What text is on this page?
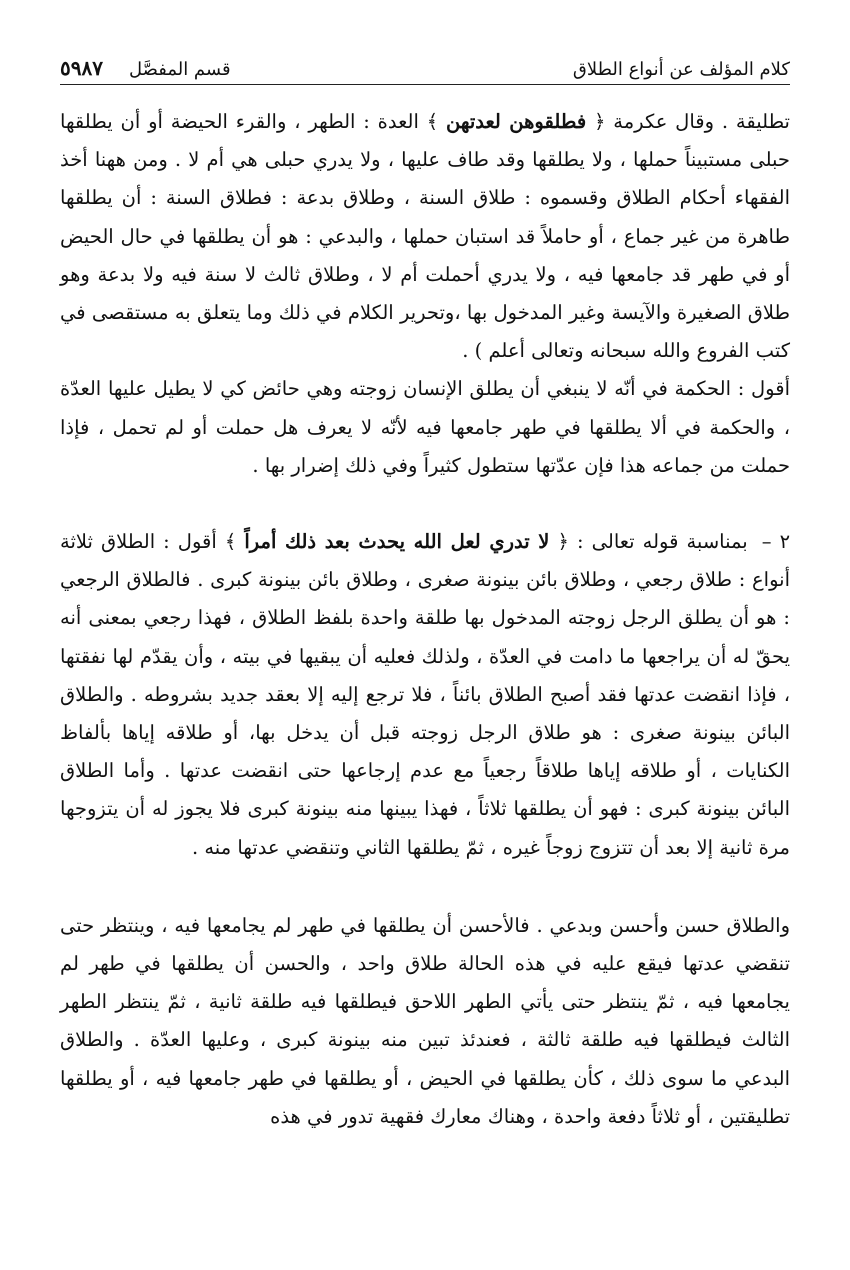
كلام المؤلف عن أنواع الطلاق
قسم المفصَّل
٥٩٨٧

تطليقة . وقال عكرمة ﴿ فطلقوهن لعدتهن ﴾ العدة : الطهر ، والقرء الحيضة أو أن يطلقها حبلى مستبيناً حملها ، ولا يطلقها وقد طاف عليها ، ولا يدري حبلى هي أم لا . ومن ههنا أخذ الفقهاء أحكام الطلاق وقسموه : طلاق السنة ، وطلاق بدعة : فطلاق السنة : أن يطلقها طاهرة من غير جماع ، أو حاملاً قد استبان حملها ، والبدعي : هو أن يطلقها في حال الحيض أو في طهر قد جامعها فيه ، ولا يدري أحملت أم لا ، وطلاق ثالث لا سنة فيه ولا بدعة وهو طلاق الصغيرة والآيسة وغير المدخول بها ،وتحرير الكلام في ذلك وما يتعلق به مستقصى في كتب الفروع والله سبحانه وتعالى أعلم ) .

أقول : الحكمة في أنّه لا ينبغي أن يطلق الإنسان زوجته وهي حائض كي لا يطيل عليها العدّة ، والحكمة في ألا يطلقها في طهر جامعها فيه لأنّه لا يعرف هل حملت أو لم تحمل ، فإذا حملت من جماعه هذا فإن عدّتها ستطول كثيراً وفي ذلك إضرار بها .

٢ – بمناسبة قوله تعالى : ﴿ لا تدري لعل الله يحدث بعد ذلك أمراً ﴾ أقول : الطلاق ثلاثة أنواع : طلاق رجعي ، وطلاق بائن بينونة صغرى ، وطلاق بائن بينونة كبرى . فالطلاق الرجعي : هو أن يطلق الرجل زوجته المدخول بها طلقة واحدة بلفظ الطلاق ، فهذا رجعي بمعنى أنه يحقّ له أن يراجعها ما دامت في العدّة ، ولذلك فعليه أن يبقيها في بيته ، وأن يقدّم لها نفقتها ، فإذا انقضت عدتها فقد أصبح الطلاق بائناً ، فلا ترجع إليه إلا بعقد جديد بشروطه . والطلاق البائن بينونة صغرى : هو طلاق الرجل زوجته قبل أن يدخل بها، أو طلاقه إياها بألفاظ الكنايات ، أو طلاقه إياها طلاقاً رجعياً مع عدم إرجاعها حتى انقضت عدتها . وأما الطلاق البائن بينونة كبرى : فهو أن يطلقها ثلاثاً ، فهذا يبينها منه بينونة كبرى فلا يجوز له أن يتزوجها مرة ثانية إلا بعد أن تتزوج زوجاً غيره ، ثمّ يطلقها الثاني وتنقضي عدتها منه .

والطلاق حسن وأحسن وبدعي . فالأحسن أن يطلقها في طهر لم يجامعها فيه ، وينتظر حتى تنقضي عدتها فيقع عليه في هذه الحالة طلاق واحد ، والحسن أن يطلقها في طهر لم يجامعها فيه ، ثمّ ينتظر حتى يأتي الطهر اللاحق فيطلقها فيه طلقة ثانية ، ثمّ ينتظر الطهر الثالث فيطلقها فيه طلقة ثالثة ، فعندئذ تبين منه بينونة كبرى ، وعليها العدّة . والطلاق البدعي ما سوى ذلك ، كأن يطلقها في الحيض ، أو يطلقها في طهر جامعها فيه ، أو يطلقها تطليقتين ، أو ثلاثاً دفعة واحدة ، وهناك معارك فقهية تدور في هذه
